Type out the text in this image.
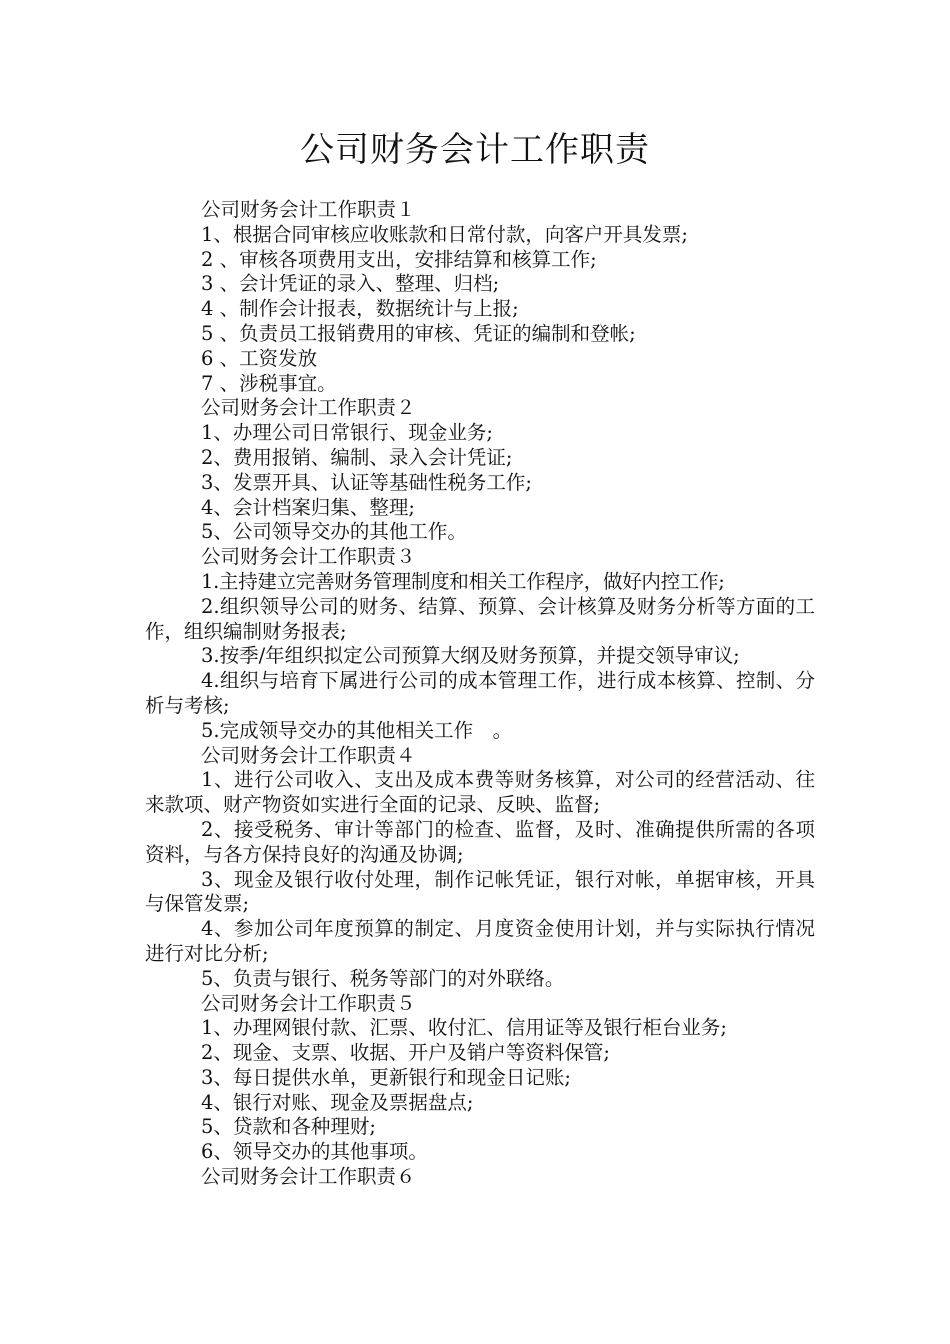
公司财务会计工作职责
公司财务会计工作职责１
1、根据合同审核应收账款和日常付款，向客户开具发票;
2 、审核各项费用支出，安排结算和核算工作;
3 、会计凭证的录入、整理、归档;
4 、制作会计报表，数据统计与上报;
5 、负责员工报销费用的审核、凭证的编制和登帐;
6 、工资发放
7 、涉税事宜。
公司财务会计工作职责２
1、办理公司日常银行、现金业务;
2、费用报销、编制、录入会计凭证;
3、发票开具、认证等基础性税务工作;
4、会计档案归集、整理;
5、公司领导交办的其他工作。
公司财务会计工作职责３
1.主持建立完善财务管理制度和相关工作程序，做好内控工作;
2.组织领导公司的财务、结算、预算、会计核算及财务分析等方面的工作，组织编制财务报表;
3.按季/年组织拟定公司预算大纲及财务预算，并提交领导审议;
4.组织与培育下属进行公司的成本管理工作，进行成本核算、控制、分析与考核;
5.完成领导交办的其他相关工作　。
公司财务会计工作职责４
1、进行公司收入、支出及成本费等财务核算，对公司的经营活动、往来款项、财产物资如实进行全面的记录、反映、监督;
2、接受税务、审计等部门的检查、监督，及时、准确提供所需的各项资料，与各方保持良好的沟通及协调;
3、现金及银行收付处理，制作记帐凭证，银行对帐，单据审核，开具与保管发票;
4、参加公司年度预算的制定、月度资金使用计划，并与实际执行情况进行对比分析;
5、负责与银行、税务等部门的对外联络。
公司财务会计工作职责５
1、办理网银付款、汇票、收付汇、信用证等及银行柜台业务;
2、现金、支票、收据、开户及销户等资料保管;
3、每日提供水单，更新银行和现金日记账;
4、银行对账、现金及票据盘点;
5、贷款和各种理财;
6、领导交办的其他事项。
公司财务会计工作职责６
